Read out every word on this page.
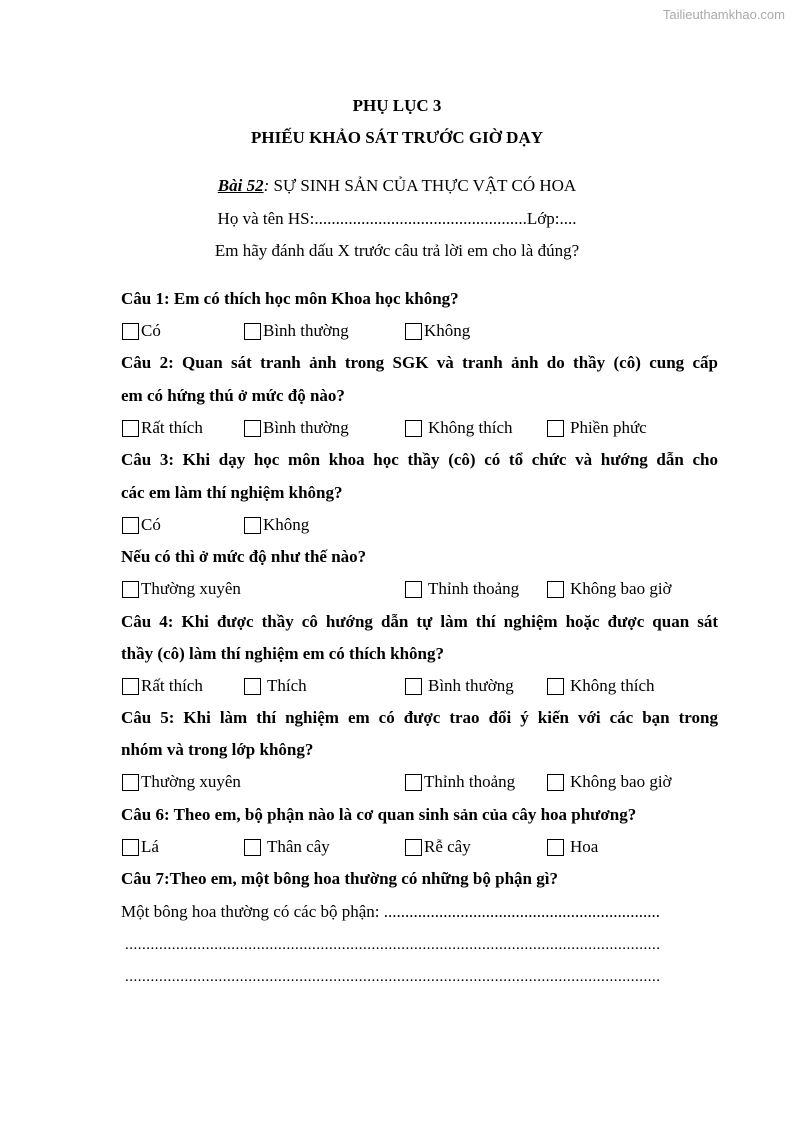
Tailieuthamkhao.com
PHỤ LỤC 3
PHIẾU KHẢO SÁT TRƯỚC GIỜ DẠY
Bài 52: SỰ SINH SẢN CỦA THỰC VẬT CÓ HOA
Họ và tên HS:..................................................Lớp:....
Em hãy đánh dấu X trước câu trả lời em cho là đúng?
Câu 1: Em có thích học môn Khoa học không?
Có	Bình thường	Không
Câu 2: Quan sát tranh ảnh trong SGK và tranh ảnh do thầy (cô) cung cấp
em có hứng thú ở mức độ nào?
Rất thích	Bình thường	Không thích	Phiền phức
Câu 3: Khi dạy học môn khoa học thầy (cô) có tổ chức và hướng dẫn cho
các em làm thí nghiệm không?
Có	Không
Nếu có thì ở mức độ như thế nào?
Thường xuyên	Thỉnh thoảng	Không bao giờ
Câu 4: Khi được thầy cô hướng dẫn tự làm thí nghiệm hoặc được quan sát
thầy (cô) làm thí nghiệm em có thích không?
Rất thích	Thích	Bình thường	Không thích
Câu 5: Khi làm thí nghiệm em có được trao đổi ý kiến với các bạn trong
nhóm và trong lớp không?
Thường xuyên	Thỉnh thoảng	Không bao giờ
Câu 6: Theo em, bộ phận nào là cơ quan sinh sản của cây hoa phương?
Lá	Thân cây	Rễ cây	Hoa
Câu 7:Theo em, một bông hoa thường có những bộ phận gì?
Một bông hoa thường có các bộ phận: .................................................................
..............................................................................................................................
..............................................................................................................................
